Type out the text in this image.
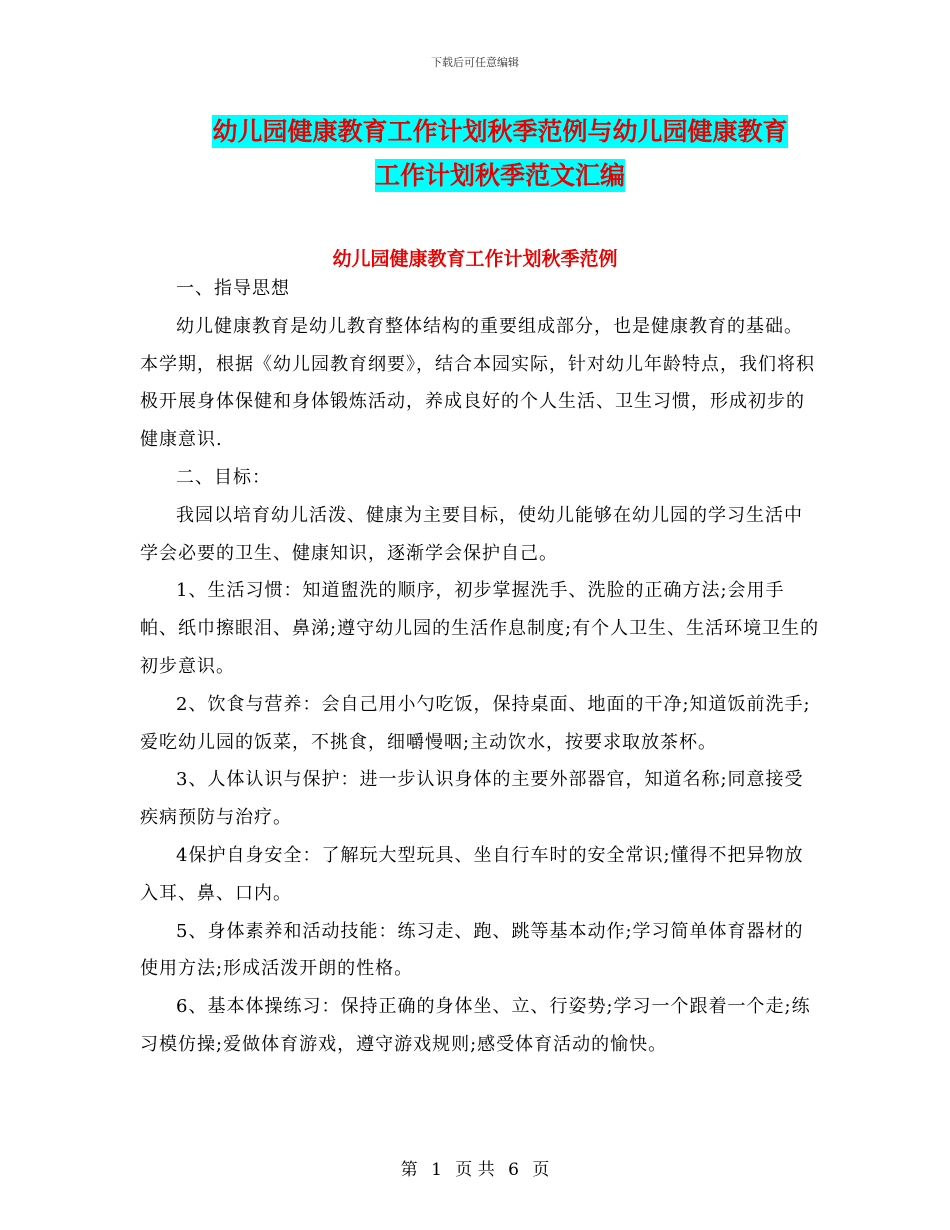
下载后可任意编辑
幼儿园健康教育工作计划秋季范例与幼儿园健康教育
工作计划秋季范文汇编
幼儿园健康教育工作计划秋季范例

一、指导思想

幼儿健康教育是幼儿教育整体结构的重要组成部分，也是健康教育的基础。本学期，根据《幼儿园教育纲要》，结合本园实际，针对幼儿年龄特点，我们将积极开展身体保健和身体锻炼活动，养成良好的个人生活、卫生习惯，形成初步的健康意识.

二、目标：

我园以培育幼儿活泼、健康为主要目标，使幼儿能够在幼儿园的学习生活中学会必要的卫生、健康知识，逐渐学会保护自己。

1、生活习惯：知道盥洗的顺序，初步掌握洗手、洗脸的正确方法;会用手帕、纸巾擦眼泪、鼻涕;遵守幼儿园的生活作息制度;有个人卫生、生活环境卫生的初步意识。

2、饮食与营养：会自己用小勺吃饭，保持桌面、地面的干净;知道饭前洗手;爱吃幼儿园的饭菜，不挑食，细嚼慢咽;主动饮水，按要求取放茶杯。

3、人体认识与保护：进一步认识身体的主要外部器官，知道名称;同意接受疾病预防与治疗。

4保护自身安全：了解玩大型玩具、坐自行车时的安全常识;懂得不把异物放入耳、鼻、口内。

5、身体素养和活动技能：练习走、跑、跳等基本动作;学习简单体育器材的使用方法;形成活泼开朗的性格。

6、基本体操练习：保持正确的身体坐、立、行姿势;学习一个跟着一个走;练习模仿操;爱做体育游戏，遵守游戏规则;感受体育活动的愉快。

第 1 页 共 6 页
